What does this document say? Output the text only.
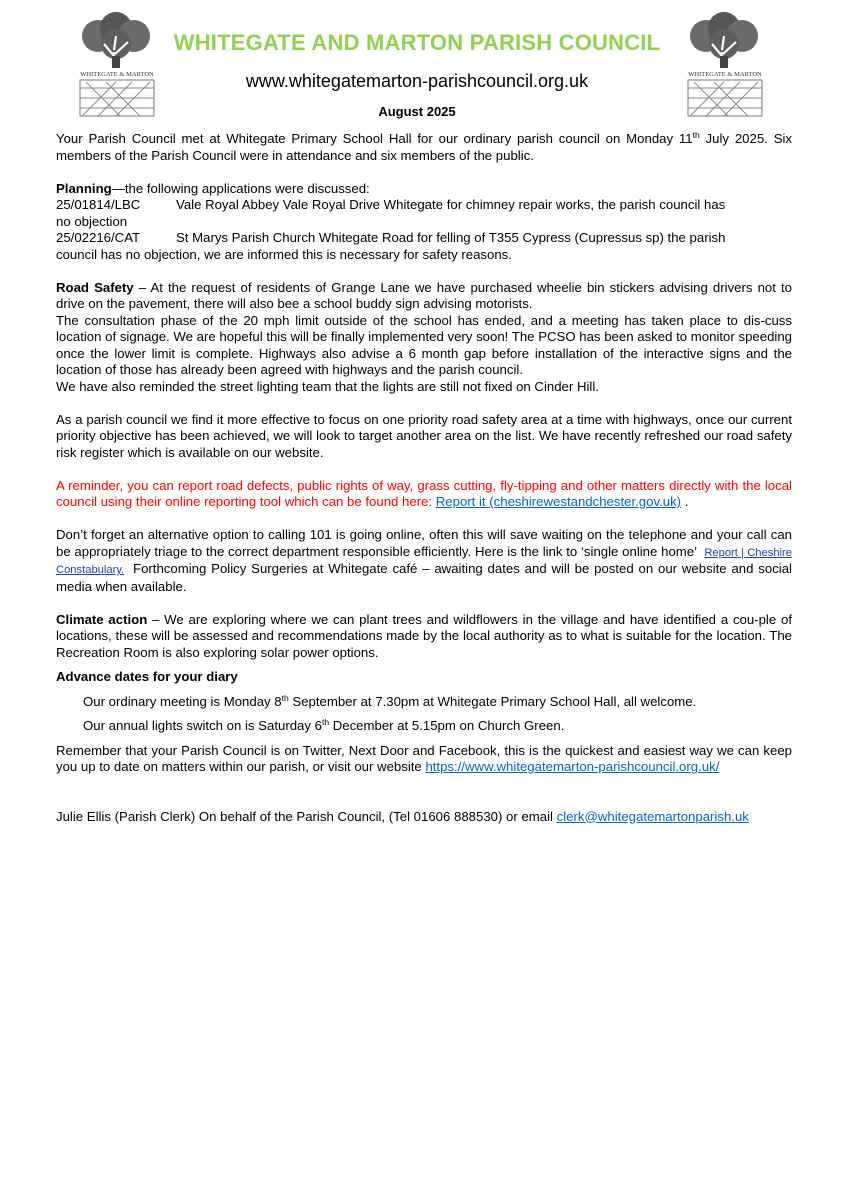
WHITEGATE & MARTON	WHITEGATE & MARTON
WHITEGATE AND MARTON PARISH COUNCIL
www.whitegatemarton-parishcouncil.org.uk
August 2025

Your Parish Council met at Whitegate Primary School Hall for our ordinary parish council on Monday 11th July 2025. Six members of the Parish Council were in attendance and six members of the public.

Planning—the following applications were discussed:

25/01814/LBC	Vale Royal Abbey Vale Royal Drive Whitegate for chimney repair works, the parish council has

no objection

25/02216/CAT	St Marys Parish Church Whitegate Road for felling of T355 Cypress (Cupressus sp) the parish

council has no objection, we are informed this is necessary for safety reasons.

Road Safety – At the request of residents of Grange Lane we have purchased wheelie bin stickers advising drivers not to drive on the pavement, there will also bee a school buddy sign advising motorists.

The consultation phase of the 20 mph limit outside of the school has ended, and a meeting has taken place to dis-cuss location of signage. We are hopeful this will be finally implemented very soon! The PCSO has been asked to monitor speeding once the lower limit is complete. Highways also advise a 6 month gap before installation of the interactive signs and the location of those has already been agreed with highways and the parish council.

We have also reminded the street lighting team that the lights are still not fixed on Cinder Hill.

As a parish council we find it more effective to focus on one priority road safety area at a time with highways, once our current priority objective has been achieved, we will look to target another area on the list. We have recently refreshed our road safety risk register which is available on our website.

A reminder, you can report road defects, public rights of way, grass cutting, fly-tipping and other matters directly with the local council using their online reporting tool which can be found here: Report it (cheshirewestandchester.gov.uk) .

Don’t forget an alternative option to calling 101 is going online, often this will save waiting on the telephone and your call can be appropriately triage to the correct department responsible efficiently. Here is the link to ‘single online home’ Report | Cheshire Constabulary. Forthcoming Policy Surgeries at Whitegate café – awaiting dates and will be posted on our website and social media when available.

Climate action – We are exploring where we can plant trees and wildflowers in the village and have identified a cou-ple of locations, these will be assessed and recommendations made by the local authority as to what is suitable for the location. The Recreation Room is also exploring solar power options.

Advance dates for your diary

Our ordinary meeting is Monday 8th September at 7.30pm at Whitegate Primary School Hall, all welcome.

Our annual lights switch on is Saturday 6th December at 5.15pm on Church Green.

Remember that your Parish Council is on Twitter, Next Door and Facebook, this is the quickest and easiest way we can keep you up to date on matters within our parish, or visit our website https://www.whitegatemarton-parishcouncil.org.uk/

Julie Ellis (Parish Clerk) On behalf of the Parish Council, (Tel 01606 888530) or email clerk@whitegatemartonparish.uk
